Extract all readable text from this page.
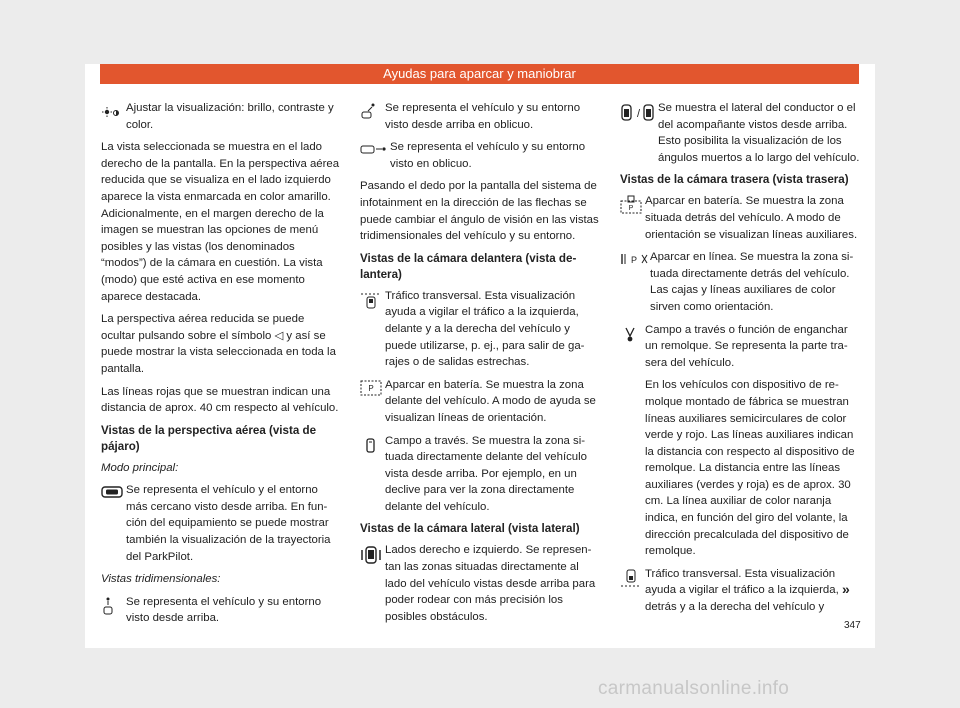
Ayudas para aparcar y maniobrar
Ajustar la visualización: brillo, contraste y color.

La vista seleccionada se muestra en el lado derecho de la pantalla. En la perspectiva aérea reducida que se visualiza en el lado izquierdo aparece la vista enmarcada en color amarillo. Adicionalmente, en el margen derecho de la imagen se muestran las opciones de menú posibles y las vistas (los denominados “modos”) de la cámara en cuestión. La vista (modo) que esté activa en ese momento aparece destacada.

La perspectiva aérea reducida se puede ocultar pulsando sobre el símbolo ◁ y así se puede mostrar la vista seleccionada en toda la pantalla.

Las líneas rojas que se muestran indican una distancia de aprox. 40 cm respecto al vehículo.

Vistas de la perspectiva aérea (vista de pájaro)

Modo principal:

Se representa el vehículo y el entorno más cercano visto desde arriba. En función del equipamiento se puede mostrar también la visualización de la trayectoria del ParkPilot.

Vistas tridimensionales:

Se representa el vehículo y su entorno visto desde arriba.
Se representa el vehículo y su entorno visto desde arriba en oblicuo.
Se representa el vehículo y su entorno visto en oblicuo.

Pasando el dedo por la pantalla del sistema de infotainment en la dirección de las flechas se puede cambiar el ángulo de visión en las vistas tridimensionales del vehículo y su entorno.

Vistas de la cámara delantera (vista delantera)
Tráfico transversal. Esta visualización ayuda a vigilar el tráfico a la izquierda, delante y a la derecha del vehículo y puede utilizarse, p. ej., para salir de garajes o de salidas estrechas.
P Aparcar en batería. Se muestra la zona delante del vehículo. A modo de ayuda se visualizan líneas de orientación.
Campo a través. Se muestra la zona situada directamente delante del vehículo vista desde arriba. Por ejemplo, en un declive para ver la zona directamente delante del vehículo.
Vistas de la cámara lateral (vista lateral)
Lados derecho e izquierdo. Se representan las zonas situadas directamente al lado del vehículo vistas desde arriba para poder rodear con más precisión los posibles obstáculos.
/ Se muestra el lateral del conductor o el del acompañante vistos desde arriba. Esto posibilita la visualización de los ángulos muertos a lo largo del vehículo.
Vistas de la cámara trasera (vista trasera)
P
Aparcar en batería. Se muestra la zona situada detrás del vehículo. A modo de orientación se visualizan líneas auxiliares.
P Aparcar en línea. Se muestra la zona situada directamente detrás del vehículo. Las cajas y líneas auxiliares de color sirven como orientación.
Campo a través o función de enganchar un remolque. Se representa la parte trasera del vehículo.

En los vehículos con dispositivo de remolque montado de fábrica se muestran líneas auxiliares semicirculares de color verde y rojo. Las líneas auxiliares indican la distancia con respecto al dispositivo de remolque. La distancia entre las líneas auxiliares (verdes y roja) es de aprox. 30 cm. La línea auxiliar de color naranja indica, en función del giro del volante, la dirección precalculada del dispositivo de remolque.

Tráfico transversal. Esta visualización ayuda a vigilar el tráfico a la izquierda, detrás y a la derecha del vehículo y
»
347
carmanualsonline.info
